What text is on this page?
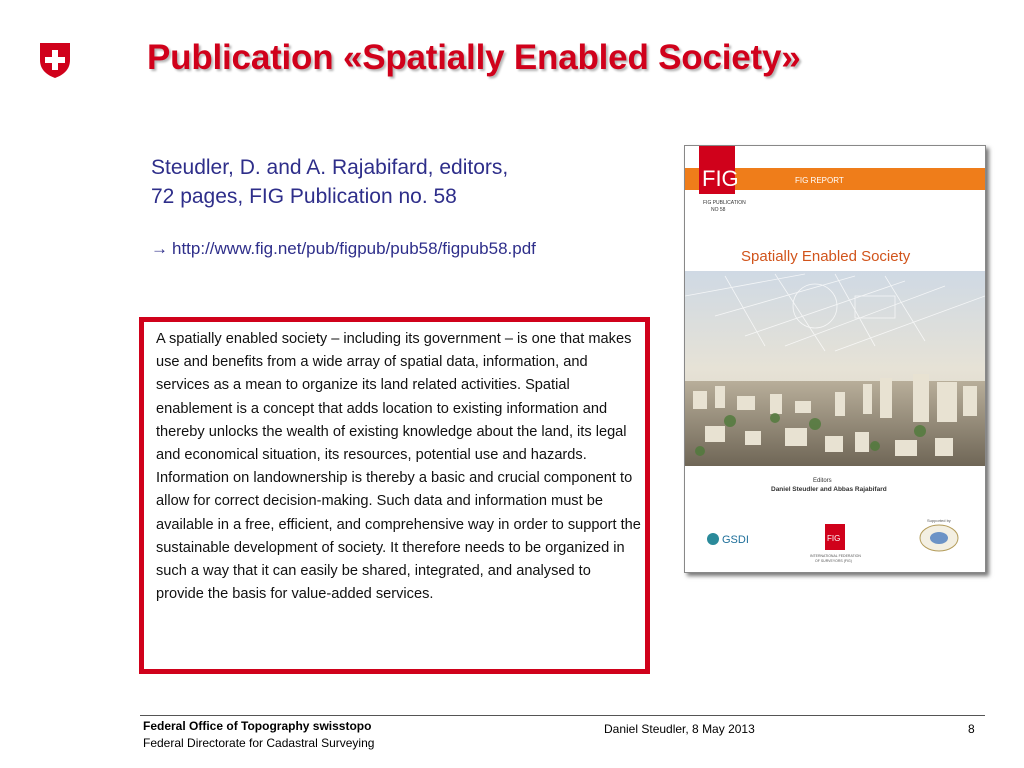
Publication «Spatially Enabled Society»
Steudler, D. and A. Rajabifard, editors,
72 pages, FIG Publication no. 58
→ http://www.fig.net/pub/figpub/pub58/figpub58.pdf
A spatially enabled society – including its government – is one that makes use and benefits from a wide array of spatial data, information, and services as a mean to organize its land related activities. Spatial enablement is a concept that adds location to existing information and thereby unlocks the wealth of existing knowledge about the land, its legal and economical situation, its resources, potential use and hazards. Information on landownership is thereby a basic and crucial component to allow for correct decision-making. Such data and information must be available in a free, efficient, and comprehensive way in order to support the sustainable development of society. It therefore needs to be organized in such a way that it can easily be shared, integrated, and analysed to provide the basis for value-added services.
FIG REPORT
FIG
FIG PUBLICATION
NO 58
Spatially Enabled Society
Editors
Daniel Steudler and Abbas Rajabifard
GSDI	FIG
INTERNATIONAL FEDERATION
OF SURVEYORS (FIG)
Supported by
Federal Office of Topography swisstopo
Federal Directorate for Cadastral Surveying
Daniel Steudler, 8 May 2013	8
